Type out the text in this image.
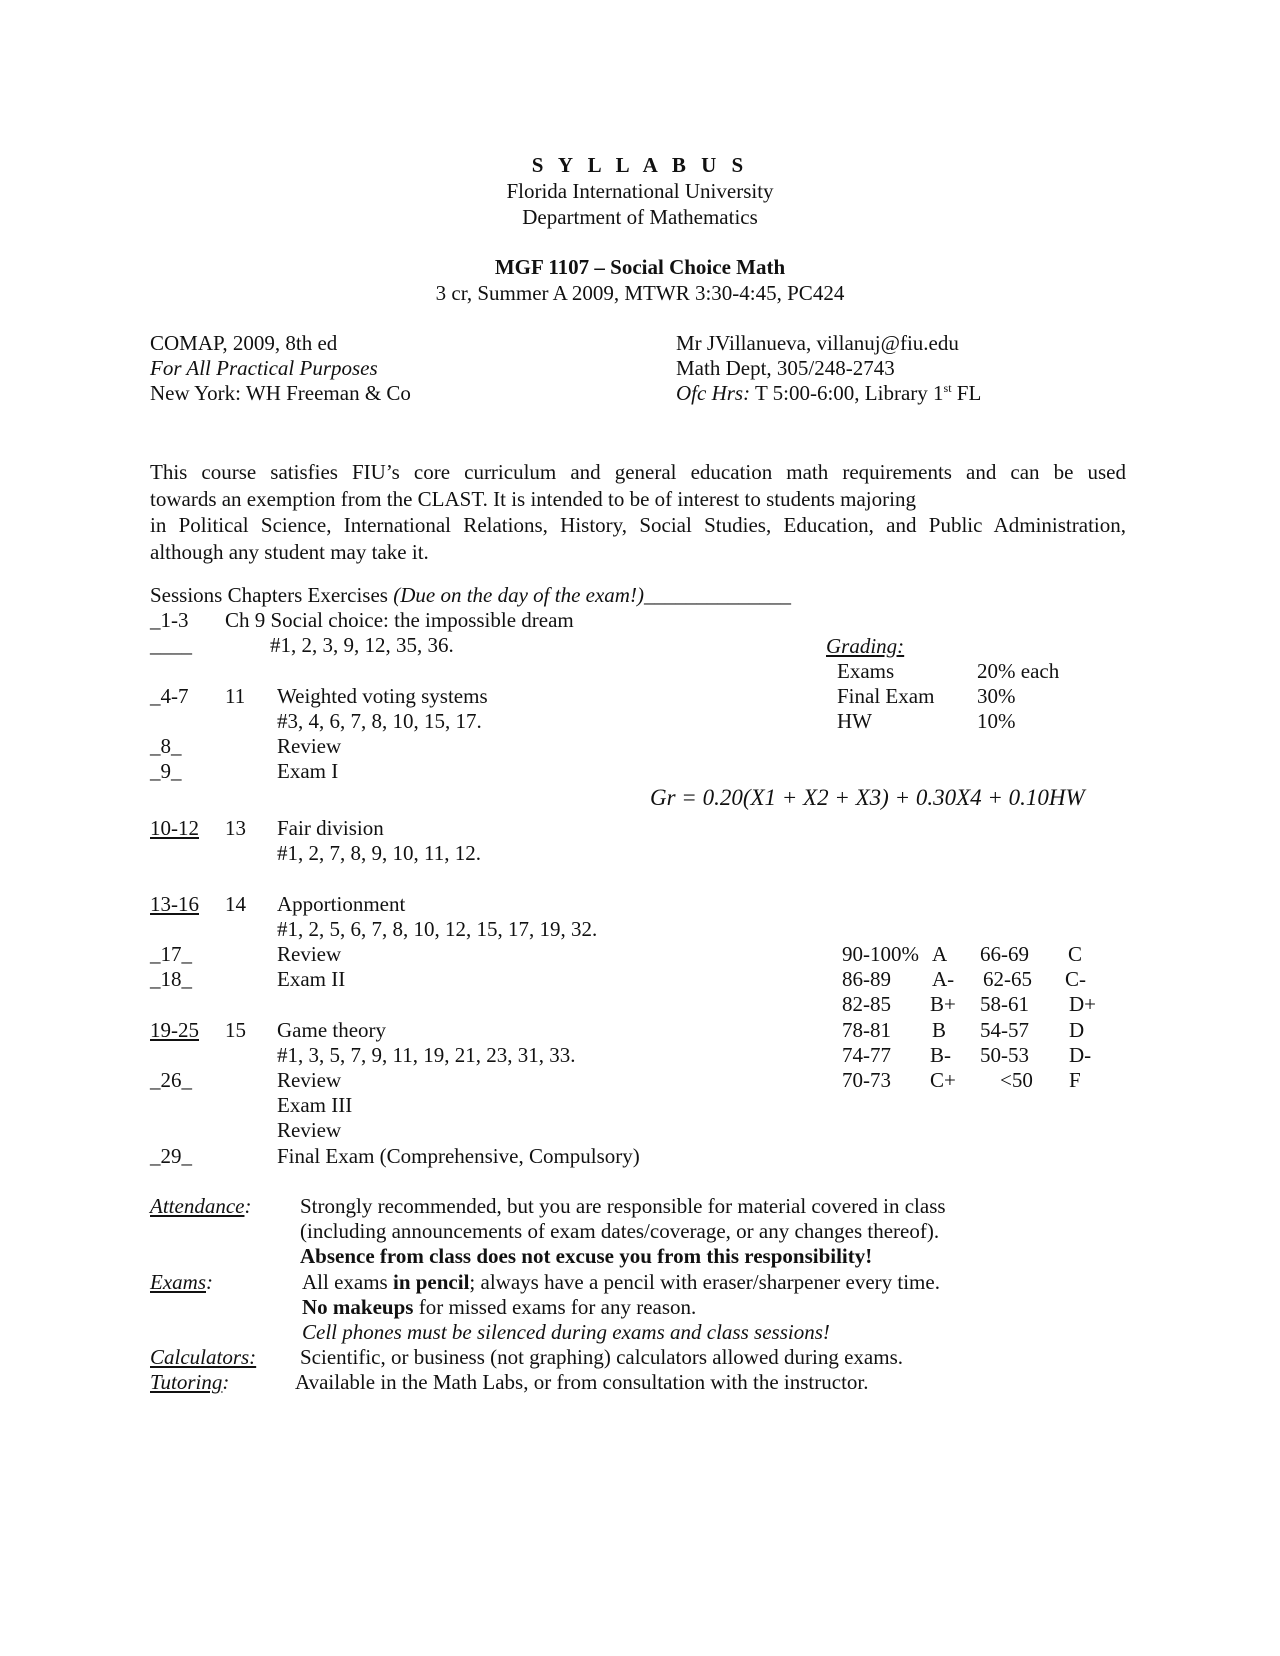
S Y L L A B U S
Florida International University
Department of Mathematics
MGF 1107 – Social Choice Math
3 cr, Summer A 2009, MTWR 3:30-4:45, PC424
COMAP, 2009, 8th ed
For All Practical Purposes
New York: WH Freeman & Co
Mr JVillanueva, villanuj@fiu.edu
Math Dept, 305/248-2743
Ofc Hrs: T 5:00-6:00, Library 1st FL
This course satisfies FIU’s core curriculum and general education math requirements and can be used
towards an exemption from the CLAST. It is intended to be of interest to students majoring
in Political Science, International Relations, History, Social Studies, Education, and Public Administration,
although any student may take it.
Sessions Chapters Exercises (Due on the day of the exam!)______________
_1-3 Ch 9 Social choice: the impossible dream
____	#1, 2, 3, 9, 12, 35, 36.
_4-7 11 Weighted voting systems
#3, 4, 6, 7, 8, 10, 15, 17.
_8_	Review
_9_	Exam I
10-12 13 Fair division
#1, 2, 7, 8, 9, 10, 11, 12.
13-16 14 Apportionment
#1, 2, 5, 6, 7, 8, 10, 12, 15, 17, 19, 32.
_17_	Review
_18_	Exam II
19-25 15 Game theory
#1, 3, 5, 7, 9, 11, 19, 21, 23, 31, 33.
_26_	Review
Exam III
Review
_29_	Final Exam (Comprehensive, Compulsory)
Grading:
Exams	20% each
Final Exam 30%
HW	10%
Gr = 0.20(X1 + X2 + X3) + 0.30X4 + 0.10HW
90-100% A 66-69 C
86-89 A- 62-65 C-
82-85 B+ 58-61 D+
78-81 B 54-57 D
74-77 B- 50-53 D-
70-73 C+ <50 F
Attendance: Strongly recommended, but you are responsible for material covered in class
(including announcements of exam dates/coverage, or any changes thereof).
Absence from class does not excuse you from this responsibility!
Exams:	All exams in pencil; always have a pencil with eraser/sharpener every time.
No makeups for missed exams for any reason.
Cell phones must be silenced during exams and class sessions!
Calculators: Scientific, or business (not graphing) calculators allowed during exams.
Tutoring:	Available in the Math Labs, or from consultation with the instructor.
